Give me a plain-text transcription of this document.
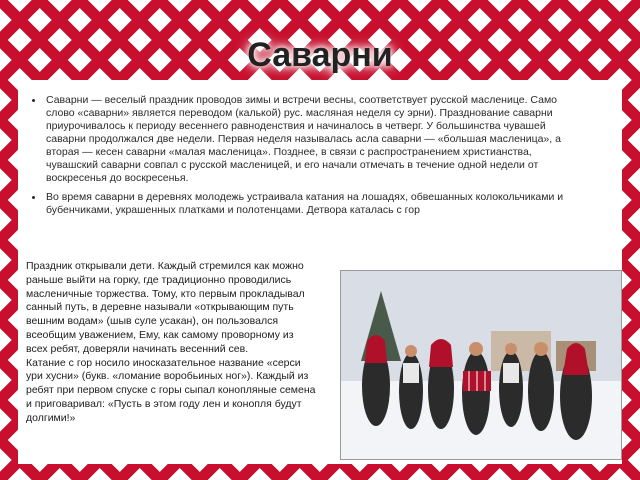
Саварни
Саварни — веселый праздник проводов зимы и встречи весны, соответствует русской масленице. Само слово «саварни» является переводом (калькой) рус. масляная неделя су эрни). Празднование саварни приурочивалось к периоду весеннего равноденствия и начиналось в четверг. У большинства чувашей саварни продолжался две недели. Первая неделя называлась асла саварни — «большая масленица», а вторая — кесен саварни «малая масленица». Позднее, в связи с распространением христианства, чувашский саварни совпал с русской масленицей, и его начали отмечать в течение одной недели от воскресенья до воскресенья.
Во время саварни в деревнях молодежь устраивала катания на лошадях, обвешанных колокольчиками и бубенчиками, украшенных платками и полотенцами. Детвора каталась с гор

Праздник открывали дети. Каждый стремился как можно раньше выйти на горку, где традиционно проводились масленичные торжества. Тому, кто первым прокладывал санный путь, в деревне называли «открывающим путь вешним водам» (шыв суле усакан), он пользовался всеобщим уважением, Ему, как самому проворному из всех ребят, доверяли начинать весенний сев.

Катание с гор носило иносказательное название «серси ури хусни» (букв. «ломание воробьиных ног»). Каждый из ребят при первом спуске с горы сыпал конопляные семена и приговаривал: «Пусть в этом году лен и конопля будут долгими!»
